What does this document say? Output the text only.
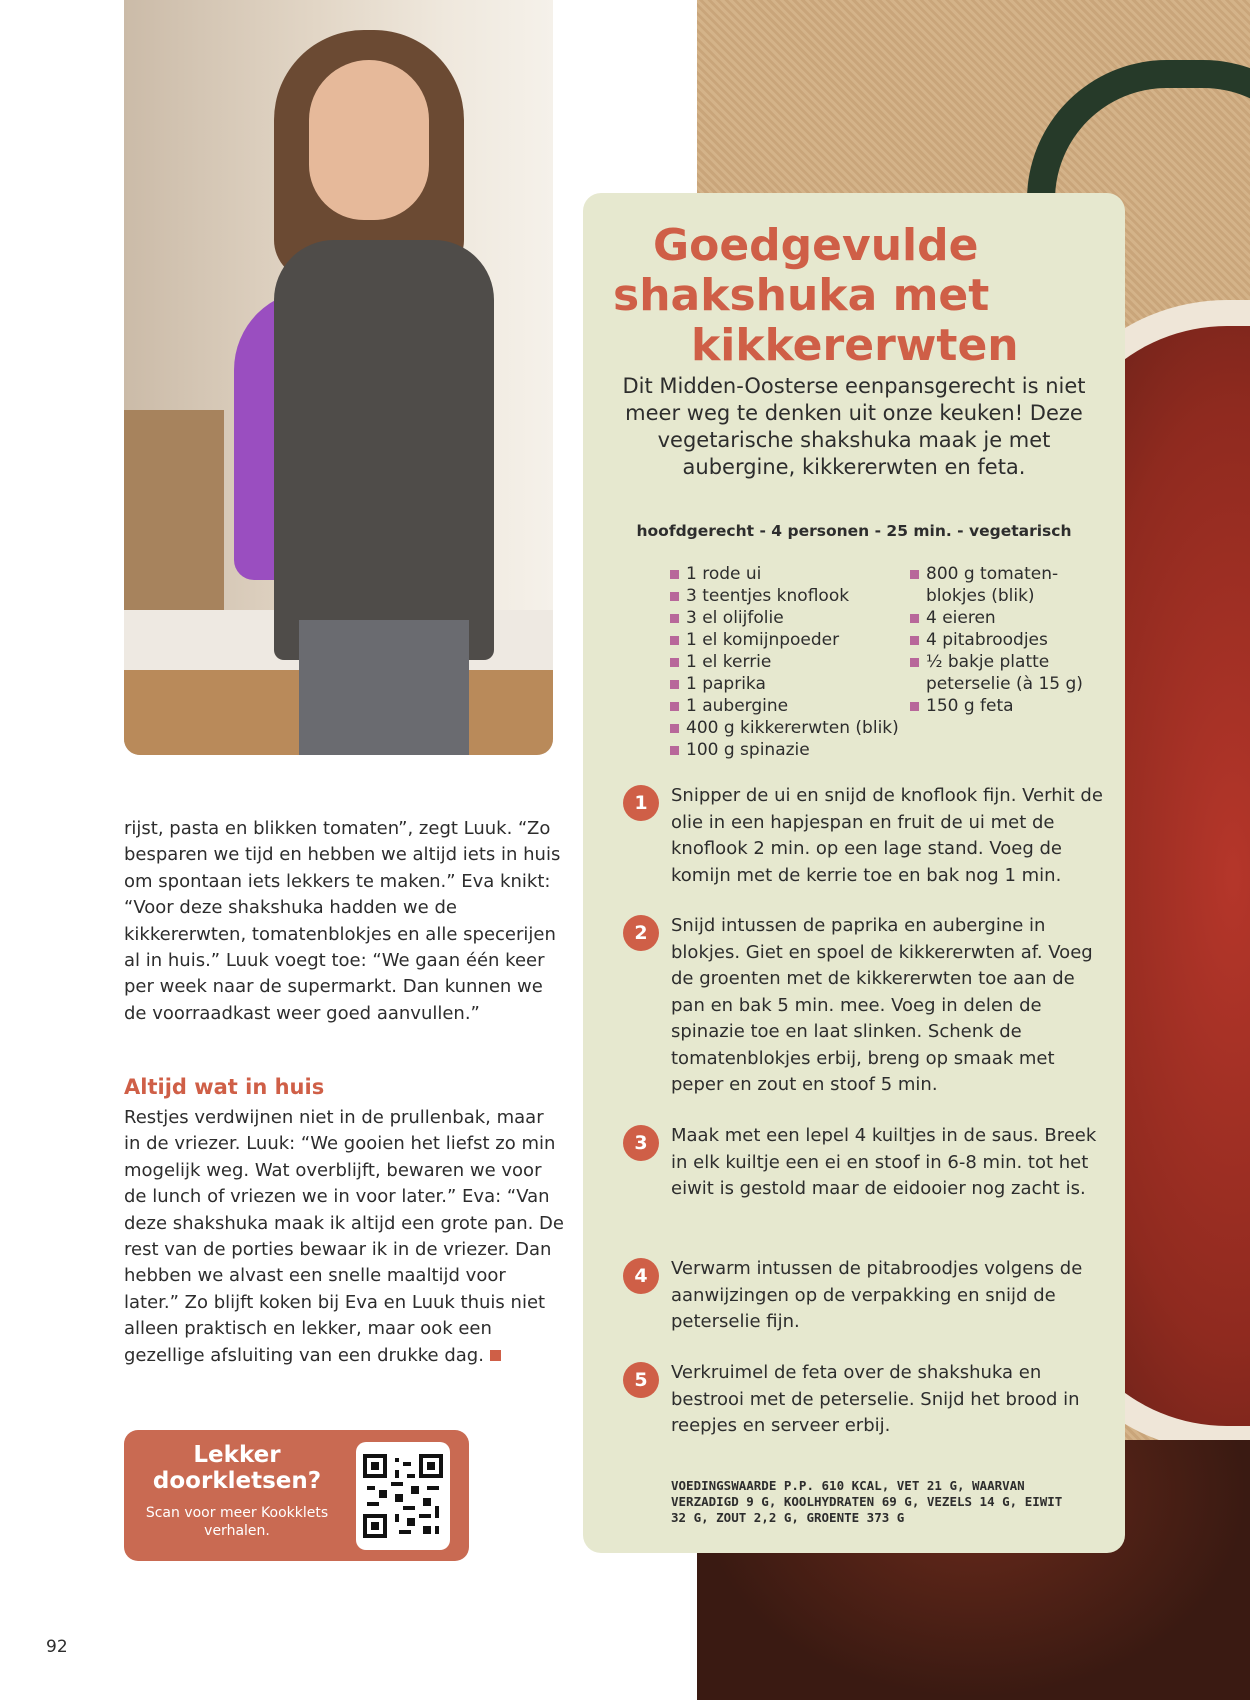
Goedgevulde
shakshuka met
kikkererwten

Dit Midden-Oosterse eenpansgerecht is niet meer weg te denken uit onze keuken! Deze vegetarische shakshuka maak je met aubergine, kikkererwten en feta.

hoofdgerecht - 4 personen - 25 min. - vegetarisch
1 rode ui
3 teentjes knoflook
3 el olijfolie
1 el komijnpoeder
1 el kerrie
1 paprika
1 aubergine
400 g kikkererwten (blik)
100 g spinazie
800 g tomaten-blokjes (blik)
4 eieren
4 pitabroodjes
½ bakje platte peterselie (à 15 g)
150 g feta
1	Snipper de ui en snijd de knoflook fijn. Verhit de olie in een hapjespan en fruit de ui met de knoflook 2 min. op een lage stand. Voeg de komijn met de kerrie toe en bak nog 1 min.

2	Snijd intussen de paprika en aubergine in blokjes. Giet en spoel de kikkererwten af. Voeg de groenten met de kikkererwten toe aan de pan en bak 5 min. mee. Voeg in delen de spinazie toe en laat slinken. Schenk de tomatenblokjes erbij, breng op smaak met peper en zout en stoof 5 min.

3	Maak met een lepel 4 kuiltjes in de saus. Breek in elk kuiltje een ei en stoof in 6-8 min. tot het eiwit is gestold maar de eidooier nog zacht is.

4	Verwarm intussen de pitabroodjes volgens de aanwijzingen op de verpakking en snijd de peterselie fijn.

5	Verkruimel de feta over de shakshuka en bestrooi met de peterselie. Snijd het brood in reepjes en serveer erbij.

VOEDINGSWAARDE P.P. 610 KCAL, VET 21 G, WAARVAN VERZADIGD 9 G, KOOLHYDRATEN 69 G, VEZELS 14 G, EIWIT 32 G, ZOUT 2,2 G, GROENTE 373 G

rijst, pasta en blikken tomaten”, zegt Luuk. “Zo besparen we tijd en hebben we altijd iets in huis om spontaan iets lekkers te maken.” Eva knikt: “Voor deze shakshuka hadden we de kikkererwten, tomatenblokjes en alle specerijen al in huis.” Luuk voegt toe: “We gaan één keer per week naar de supermarkt. Dan kunnen we de voorraadkast weer goed aanvullen.”

Altijd wat in huis

Restjes verdwijnen niet in de prullenbak, maar in de vriezer. Luuk: “We gooien het liefst zo min mogelijk weg. Wat overblijft, bewaren we voor de lunch of vriezen we in voor later.” Eva: “Van deze shakshuka maak ik altijd een grote pan. De rest van de porties bewaar ik in de vriezer. Dan hebben we alvast een snelle maaltijd voor later.” Zo blijft koken bij Eva en Luuk thuis niet alleen praktisch en lekker, maar ook een gezellige afsluiting van een drukke dag.

Lekker doorkletsen?

Scan voor meer Kookklets verhalen.

92
